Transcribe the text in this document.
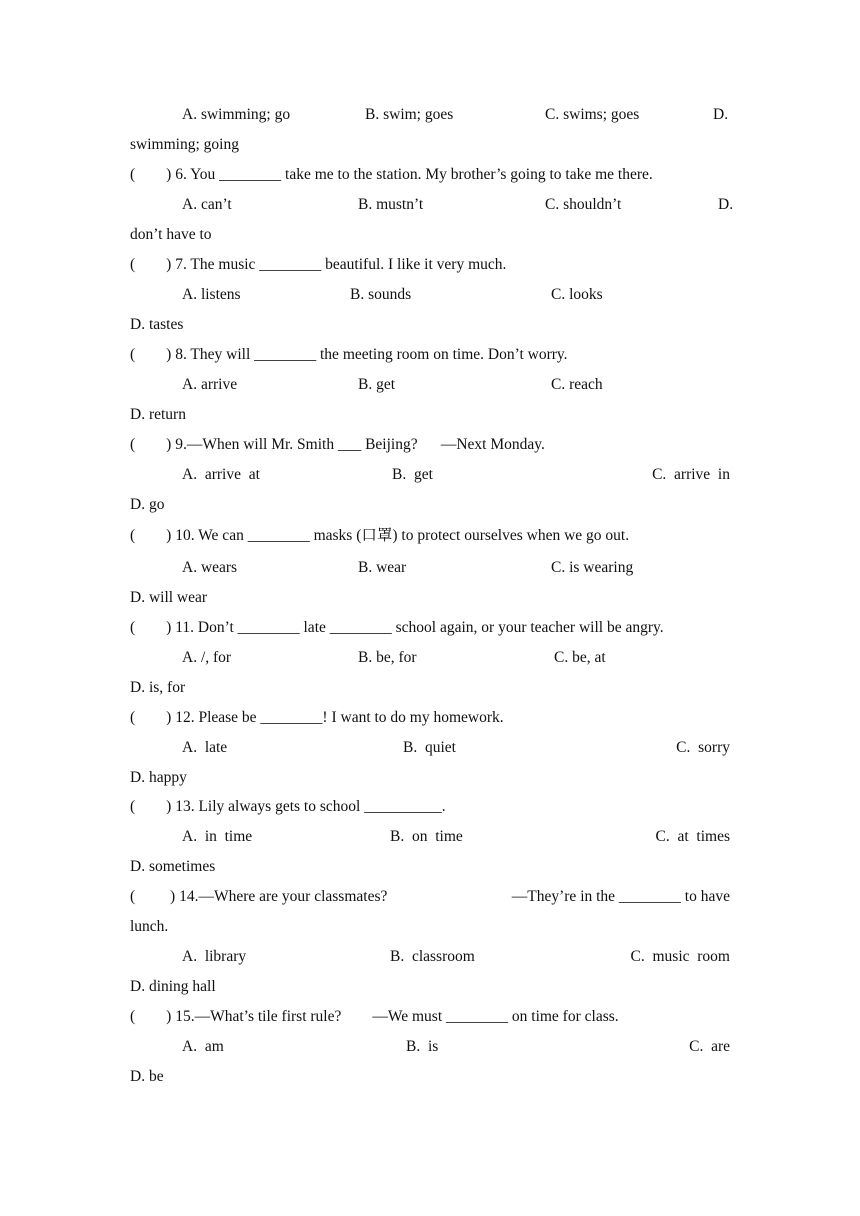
A. swimming; go	B. swim; goes	C. swims; goes	D.
swimming; going
(        ) 6. You ________ take me to the station. My brother’s going to take me there.
A. can’t	B. mustn’t	C. shouldn’t	D.
don’t have to
(        ) 7. The music ________ beautiful. I like it very much.
A. listens	B. sounds	C. looks
D. tastes
(        ) 8. They will ________ the meeting room on time. Don’t worry.
A. arrive	B. get	C. reach
D. return
(        ) 9.―When will Mr. Smith ___ Beijing?      ―Next Monday.
A.  arrive  at	B.  get	C.  arrive  in
D. go
(        ) 10. We can ________ masks (口罩) to protect ourselves when we go out.
A. wears	B. wear	C. is wearing
D. will wear
(        ) 11. Don’t ________ late ________ school again, or your teacher will be angry.
A. /, for	B. be, for	C. be, at
D. is, for
(        ) 12. Please be ________! I want to do my homework.
A.  late	B.  quiet	C.  sorry
D. happy
(        ) 13. Lily always gets to school __________.
A.  in  time	B.  on  time	C.  at  times
D. sometimes
(         ) 14.―Where are your classmates?	―They’re in the ________ to have
lunch.
A.  library	B.  classroom	C.  music  room
D. dining hall
(        ) 15.―What’s tile first rule?        ―We must ________ on time for class.
A.  am	B.  is	C.  are
D. be
